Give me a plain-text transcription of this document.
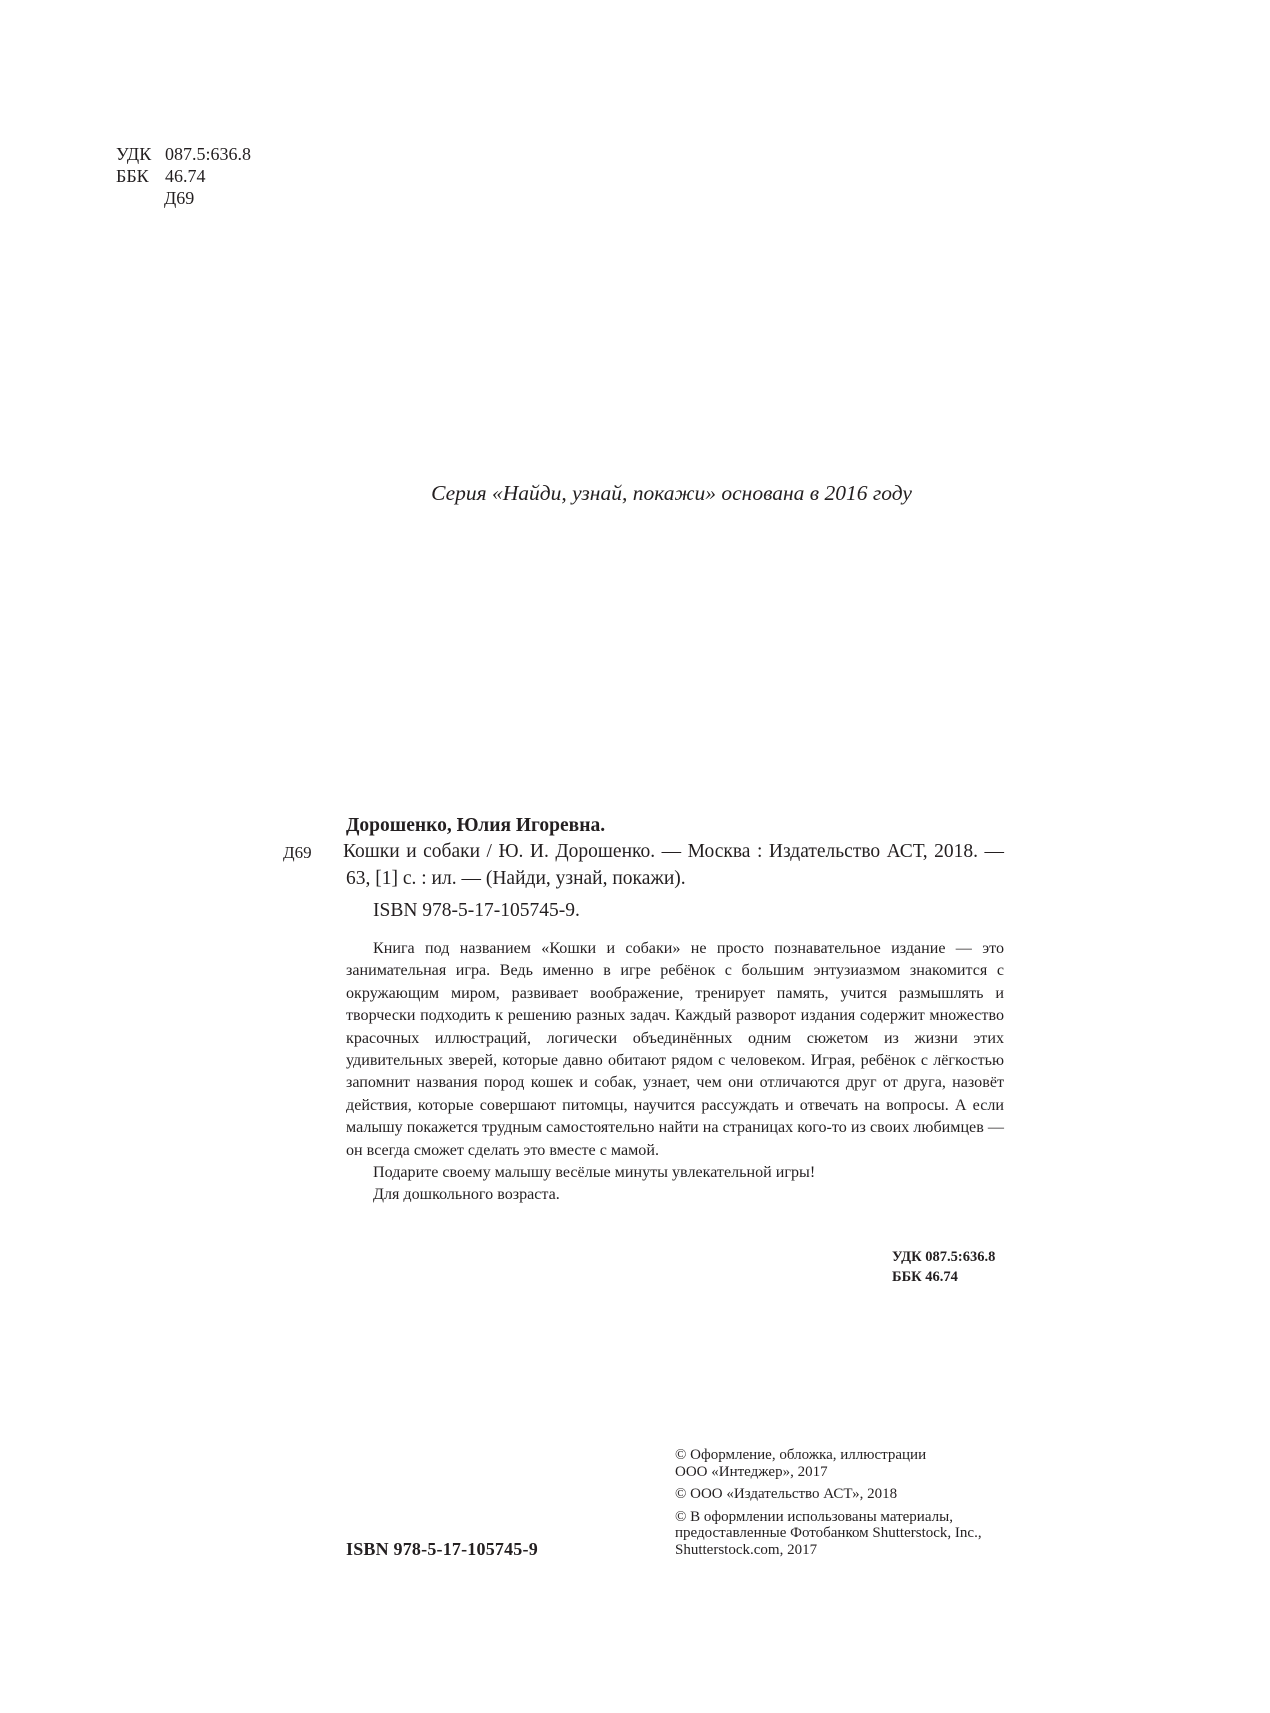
УДК 087.5:636.8
ББК 46.74
Д69
Серия «Найди, узнай, покажи» основана в 2016 году
Дорошенко, Юлия Игоревна.
Д69 Кошки и собаки / Ю. И. Дорошенко. — Москва : Издательство АСТ, 2018. — 63, [1] с. : ил. — (Найди, узнай, покажи).

ISBN 978-5-17-105745-9.

Книга под названием «Кошки и собаки» не просто познавательное издание — это занимательная игра. Ведь именно в игре ребёнок с большим энтузиазмом знакомится с окружающим миром, развивает воображение, тренирует память, учится размышлять и творчески подходить к решению разных задач. Каждый разворот издания содержит множество красочных иллюстраций, логически объединённых одним сюжетом из жизни этих удивительных зверей, которые давно обитают рядом с человеком. Играя, ребёнок с лёгкостью запомнит названия пород кошек и собак, узнает, чем они отличаются друг от друга, назовёт действия, которые совершают питомцы, научится рассуждать и отвечать на вопросы. А если малышу покажется трудным самостоятельно найти на страницах кого-то из своих любимцев — он всегда сможет сделать это вместе с мамой.

Подарите своему малышу весёлые минуты увлекательной игры!

Для дошкольного возраста.

УДК 087.5:636.8
ББК 46.74

© Оформление, обложка, иллюстрации
ООО «Интеджер», 2017

© ООО «Издательство АСТ», 2018

© В оформлении использованы материалы,
предоставленные Фотобанком Shutterstock, Inc.,
Shutterstock.com, 2017

ISBN 978-5-17-105745-9
